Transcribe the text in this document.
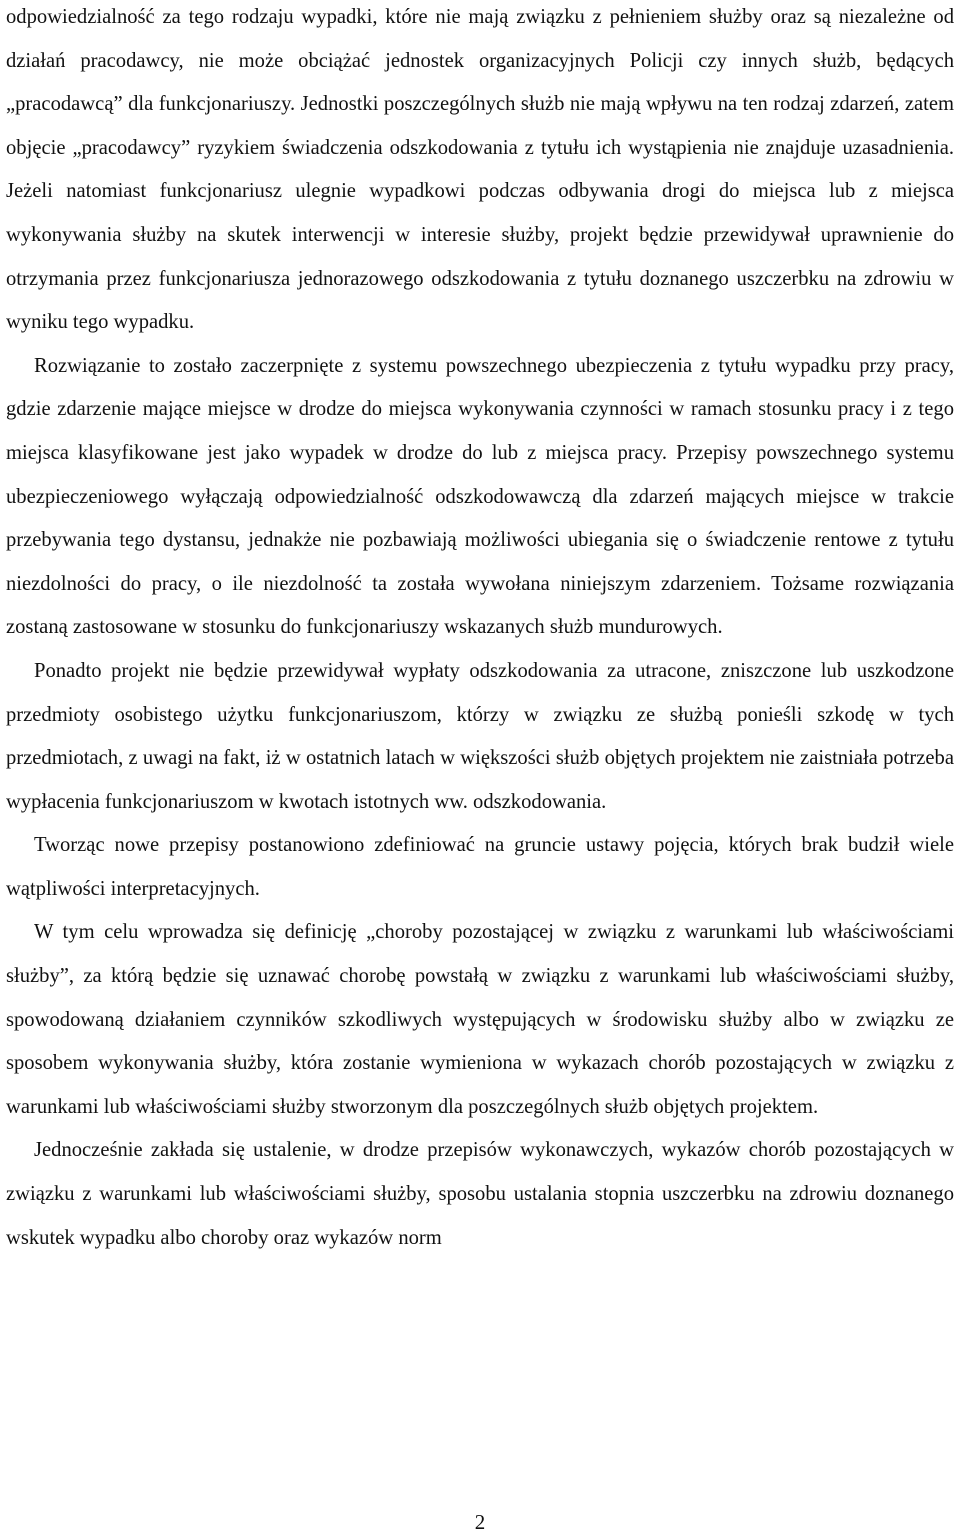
odpowiedzialność za tego rodzaju wypadki, które nie mają związku z pełnieniem służby oraz są niezależne od działań pracodawcy, nie może obciążać jednostek organizacyjnych Policji czy innych służb, będących „pracodawcą” dla funkcjonariuszy. Jednostki poszczególnych służb nie mają wpływu na ten rodzaj zdarzeń, zatem objęcie „pracodawcy” ryzykiem świadczenia odszkodowania z tytułu ich wystąpienia nie znajduje uzasadnienia. Jeżeli natomiast funkcjonariusz ulegnie wypadkowi podczas odbywania drogi do miejsca lub z miejsca wykonywania służby na skutek interwencji w interesie służby, projekt będzie przewidywał uprawnienie do otrzymania przez funkcjonariusza jednorazowego odszkodowania z tytułu doznanego uszczerbku na zdrowiu w wyniku tego wypadku.

Rozwiązanie to zostało zaczerpnięte z systemu powszechnego ubezpieczenia z tytułu wypadku przy pracy, gdzie zdarzenie mające miejsce w drodze do miejsca wykonywania czynności w ramach stosunku pracy i z tego miejsca klasyfikowane jest jako wypadek w drodze do lub z miejsca pracy. Przepisy powszechnego systemu ubezpieczeniowego wyłączają odpowiedzialność odszkodowawczą dla zdarzeń mających miejsce w trakcie przebywania tego dystansu, jednakże nie pozbawiają możliwości ubiegania się o świadczenie rentowe z tytułu niezdolności do pracy, o ile niezdolność ta została wywołana niniejszym zdarzeniem. Tożsame rozwiązania zostaną zastosowane w stosunku do funkcjonariuszy wskazanych służb mundurowych.

Ponadto projekt nie będzie przewidywał wypłaty odszkodowania za utracone, zniszczone lub uszkodzone przedmioty osobistego użytku funkcjonariuszom, którzy w związku ze służbą ponieśli szkodę w tych przedmiotach, z uwagi na fakt, iż w ostatnich latach w większości służb objętych projektem nie zaistniała potrzeba wypłacenia funkcjonariuszom w kwotach istotnych ww. odszkodowania.

Tworząc nowe przepisy postanowiono zdefiniować na gruncie ustawy pojęcia, których brak budził wiele wątpliwości interpretacyjnych.

W tym celu wprowadza się definicję „choroby pozostającej w związku z warunkami lub właściwościami służby”, za którą będzie się uznawać chorobę powstałą w związku z warunkami lub właściwościami służby, spowodowaną działaniem czynników szkodliwych występujących w środowisku służby albo w związku ze sposobem wykonywania służby, która zostanie wymieniona w wykazach chorób pozostających w związku z warunkami lub właściwościami służby stworzonym dla poszczególnych służb objętych projektem.

Jednocześnie zakłada się ustalenie, w drodze przepisów wykonawczych, wykazów chorób pozostających w związku z warunkami lub właściwościami służby, sposobu ustalania stopnia uszczerbku na zdrowiu doznanego wskutek wypadku albo choroby oraz wykazów norm

2
